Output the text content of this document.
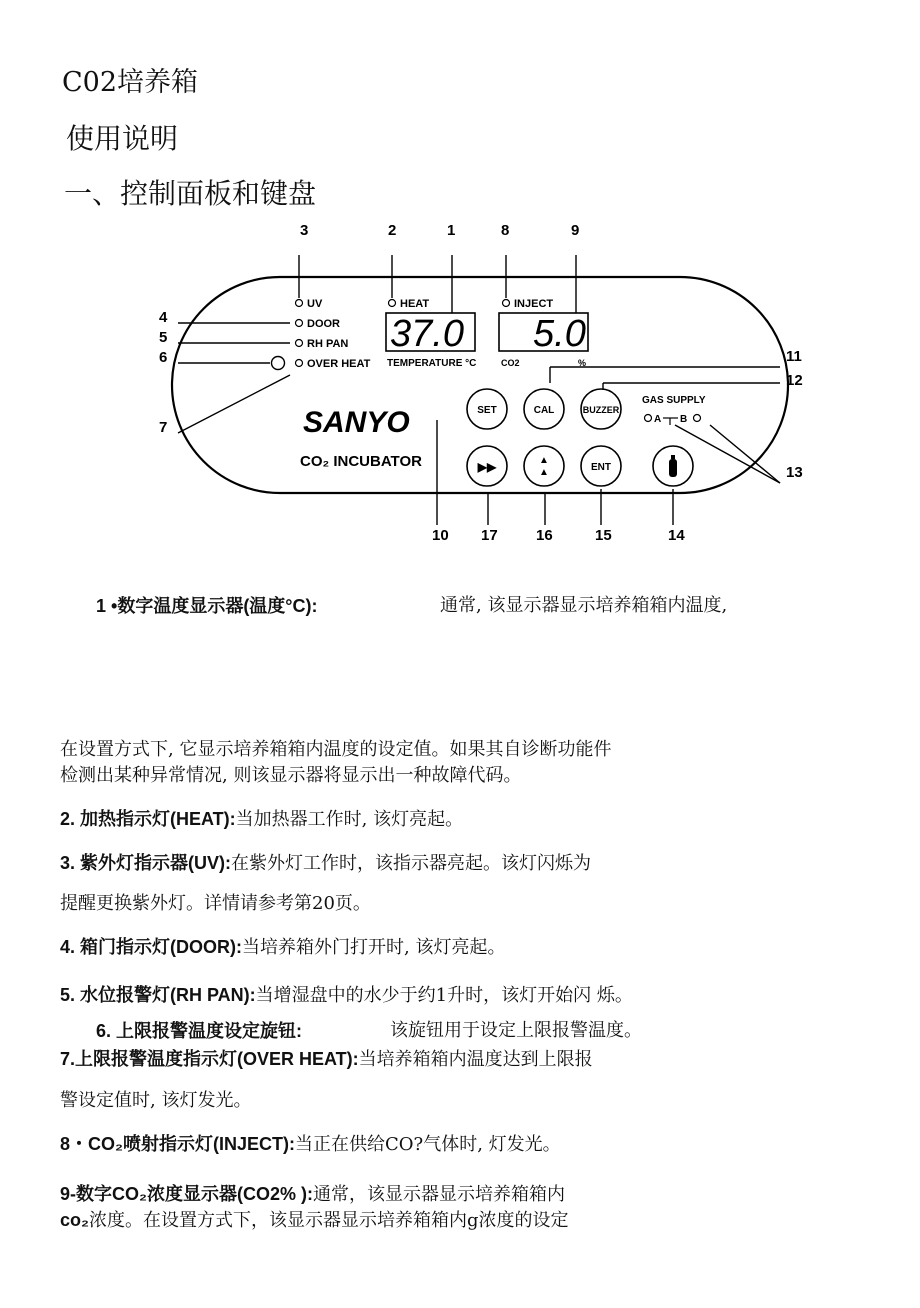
C02培养箱
使用说明
一、控制面板和键盘
3	2	1	8	9
4
5
6
7
11
12
13
10 17	16	15	14
UV	HEAT	INJECT
DOOR
RH PAN
OVER HEAT
37.0 5.0
TEMPERATURE °C	CO2	%
SANYO
CO₂ INCUBATOR
SET	CAL	BUZZER
▶▶	▲
▲	ENT
GAS SUPPLY
A B
1 •数字温度显示器(温度°C):	通常, 该显示器显示培养箱箱内温度,
在设置方式下, 它显示培养箱箱内温度的设定值。如果其自诊断功能件
检测出某种异常情况, 则该显示器将显示出一种故障代码。
2. 加热指示灯(HEAT):当加热器工作时, 该灯亮起。
3. 紫外灯指示器(UV):在紫外灯工作时，该指示器亮起。该灯闪烁为
提醒更换紫外灯。详情请参考第20页。
4. 箱门指示灯(DOOR):当培养箱外门打开时, 该灯亮起。
5. 水位报警灯(RH PAN):当增湿盘中的水少于约1升时，该灯开始闪 烁。
6. 上限报警温度设定旋钮:	该旋钮用于设定上限报警温度。
7.上限报警温度指示灯(OVER HEAT):当培养箱箱内温度达到上限报
警设定值时, 该灯发光。
8・CO₂喷射指示灯(INJECT):当正在供给CO?气体时, 灯发光。
9-数字CO₂浓度显示器(CO2% ):通常，该显示器显示培养箱箱内
co₂浓度。在设置方式下，该显示器显示培养箱箱内g浓度的设定
